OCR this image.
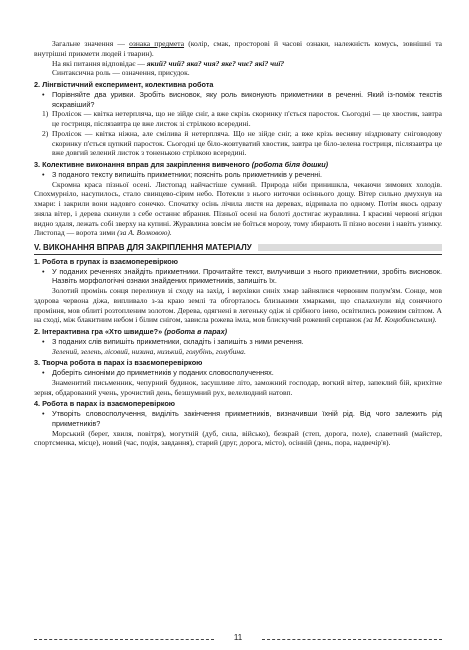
Загальне значення — ознака предмета (колір, смак, просторові й часові ознаки, належність комусь, зовнішні та внутрішні прикмети людей і тварин).

На які питання відповідає — який? чий? яка? чия? яке? чиє? які? чиї?

Синтаксична роль — означення, присудок.

2. Лінгвістичний експеримент, колективна робота

• Порівняйте два уривки. Зробіть висновок, яку роль виконують прикметники в реченні. Який із-поміж текстів яскравіший?

1) Пролісок — квітка нетерпляча, що не зійде сніг, а вже скрізь скоринку п'ється паросток. Сьогодні — це хвостик, завтра це гостриця, післязавтра це вже листок зі стрілкою всередині.

2) Пролісок — квітка ніжна, але смілива й нетерпляча. Що не зійде сніг, а вже крізь весняну ніздрювату сніговодову скоринку п'ється цупкий паросток. Сьогодні це біло-жовтуватий хвостик, завтра це біло-зелена гостриця, післязавтра це вже довгий зелений листок з тоненькою стрілкою всередині.

3. Колективне виконання вправ для закріплення вивченого (робота біля дошки)

• З поданого тексту випишіть прикметники; поясніть роль прикметників у реченні.

Скромна краса пізньої осені. Листопад найчастіше сумний. Природа ніби принишкла, чекаючи зимових холодів. Спохмурніло, насупилось, стало свинцево-сірим небо. Потекли з нього ниточки осіннього дощу. Вітер сильно дмухнув на хмари: і закрили вони надовго сонечко. Спочатку осінь лічила листя на деревах, відривала по одному. Потім якось одразу зняла вітер, і дерева скинули з себе останнє вбрання. Пізньої осені на болоті достигає журавлина. І красиві червоні ягідки видно здаля, лежать собі зверху на купині. Журавлина зовсім не боїться морозу, тому збирають її пізно восени і навіть узимку. Листопад — ворота зими (за А. Волковою).

V. ВИКОНАННЯ ВПРАВ ДЛЯ ЗАКРІПЛЕННЯ МАТЕРІАЛУ

1. Робота в групах із взаємоперевіркою

• У поданих реченнях знайдіть прикметники. Прочитайте текст, вилучивши з нього прикметники, зробіть висновок. Назвіть морфологічні ознаки знайдених прикметників, запишіть їх.

Золотий промінь сонця перелинув зі сходу на захід, і верхівки синіх хмар зайнялися червоним полум'ям. Сонце, мов здорова червона діжа, випливало з-за краю землі та обгорталось близькими хмарками, що спалахнули від сонячного проміння, мов облиті розтопленим золотом. Дерева, одягнені в легеньку одіж зі срібного інею, освітились рожевим світлом. А на сході, між блакитним небом і білим снігом, зависла рожева імла, мов блискучий рожевий серпанок (за М. Коцюбинським).

2. Інтерактивна гра «Хто швидше?» (робота в парах)

• З поданих слів випишіть прикметники, складіть і запишіть з ними речення.

Зелений, зелень, лісовий, низина, низький, голубінь, голубина.

3. Творча робота в парах із взаємоперевіркою

• Доберіть синоніми до прикметників у поданих словосполученнях.

Знаменитий письменник, чепурний будинок, засушливе літо, заможний господар, вогкий вітер, запеклий бій, крихітне зерня, обдарований учень, урочистий день, безшумний рух, велелюдний натовп.

4. Робота в парах із взаємоперевіркою

• Утворіть словосполучення, виділіть закінчення прикметників, визначивши їхній рід. Від чого залежить рід прикметників?

Морський (берег, хвиля, повітря), могутній (дуб, сила, військо), безкрай (степ, дорога, поле), славетний (майстер, спортсменка, місце), новий (час, подія, завдання), старий (друг, дорога, місто), осінній (день, пора, надвечір'я).

11
